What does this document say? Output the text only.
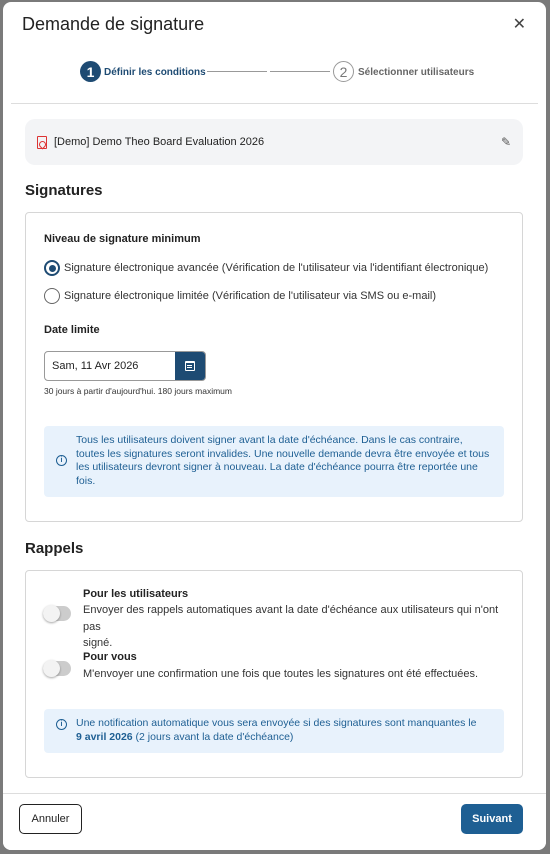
Demande de signature	✕
1 Définir les conditions	2	Sélectionner utilisateurs
[Demo] Demo Theo Board Evaluation 2026	✎
Signatures
Niveau de signature minimum
Signature électronique avancée (Vérification de l'utilisateur via l'identifiant électronique)
Signature électronique limitée (Vérification de l'utilisateur via SMS ou e-mail)
Date limite
Sam, 11 Avr 2026
30 jours à partir d'aujourd'hui. 180 jours maximum
i
Tous les utilisateurs doivent signer avant la date d'échéance. Dans le cas contraire,
toutes les signatures seront invalides. Une nouvelle demande devra être envoyée et tous
les utilisateurs devront signer à nouveau. La date d'échéance pourra être reportée une
fois.
Rappels
Pour les utilisateurs
Envoyer des rappels automatiques avant la date d'échéance aux utilisateurs qui n'ont pas
signé.
Pour vous
M'envoyer une confirmation une fois que toutes les signatures ont été effectuées.
i	Une notification automatique vous sera envoyée si des signatures sont manquantes le
9 avril 2026 (2 jours avant la date d'échéance)
Annuler	Suivant
